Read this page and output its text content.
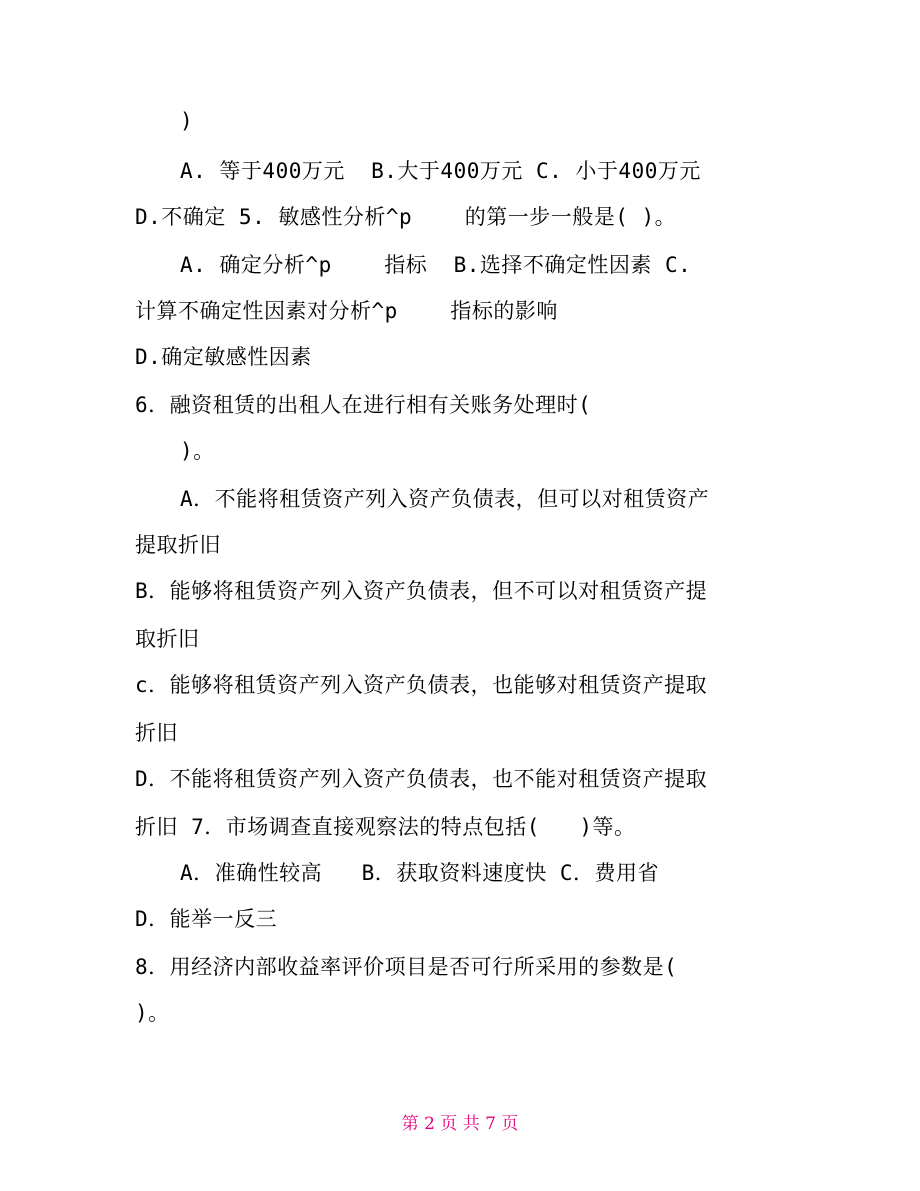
)

A. 等于400万元  B.大于400万元 C. 小于400万元

D.不确定 5. 敏感性分析^p    的第一步一般是( )。

A. 确定分析^p    指标  B.选择不确定性因素 C.

计算不确定性因素对分析^p    指标的影响

D.确定敏感性因素

6．融资租赁的出租人在进行相有关账务处理时(

)。

A．不能将租赁资产列入资产负债表，但可以对租赁资产

提取折旧

B．能够将租赁资产列入资产负债表，但不可以对租赁资产提

取折旧

c．能够将租赁资产列入资产负债表，也能够对租赁资产提取

折旧

D．不能将租赁资产列入资产负债表，也不能对租赁资产提取

折旧 7．市场调查直接观察法的特点包括(   )等。

A．准确性较高   B．获取资料速度快 C．费用省

D．能举一反三

8．用经济内部收益率评价项目是否可行所采用的参数是(

)。

第 2 页 共 7 页
